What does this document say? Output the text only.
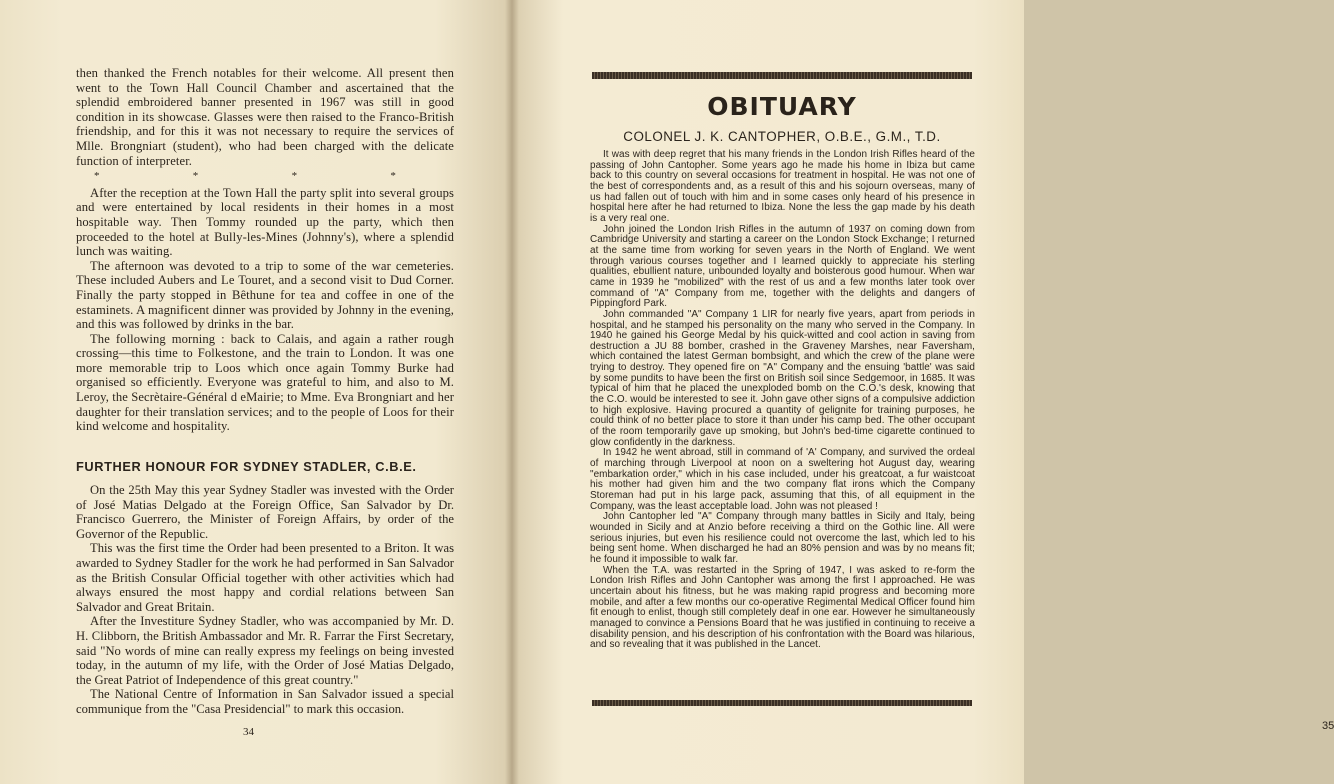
then thanked the French notables for their welcome. All present then went to the Town Hall Council Chamber and ascertained that the splendid embroidered banner presented in 1967 was still in good condition in its showcase. Glasses were then raised to the Franco-British friendship, and for this it was not necessary to require the services of Mlle. Brongniart (student), who had been charged with the delicate function of interpreter.

*	*	*	*

After the reception at the Town Hall the party split into several groups and were entertained by local residents in their homes in a most hospitable way. Then Tommy rounded up the party, which then proceeded to the hotel at Bully-les-Mines (Johnny's), where a splendid lunch was waiting.

The afternoon was devoted to a trip to some of the war cemeteries. These included Aubers and Le Touret, and a second visit to Dud Corner. Finally the party stopped in Bêthune for tea and coffee in one of the estaminets. A magnificent dinner was provided by Johnny in the evening, and this was followed by drinks in the bar.

The following morning : back to Calais, and again a rather rough crossing—this time to Folkestone, and the train to London. It was one more memorable trip to Loos which once again Tommy Burke had organised so efficiently. Everyone was grateful to him, and also to M. Leroy, the Secrètaire-Général d eMairie; to Mme. Eva Brongniart and her daughter for their translation services; and to the people of Loos for their kind welcome and hospitality.

FURTHER HONOUR FOR SYDNEY STADLER, C.B.E.

On the 25th May this year Sydney Stadler was invested with the Order of José Matias Delgado at the Foreign Office, San Salvador by Dr. Francisco Guerrero, the Minister of Foreign Affairs, by order of the Governor of the Republic.

This was the first time the Order had been presented to a Briton. It was awarded to Sydney Stadler for the work he had performed in San Salvador as the British Consular Official together with other activities which had always ensured the most happy and cordial relations between San Salvador and Great Britain.

After the Investiture Sydney Stadler, who was accompanied by Mr. D. H. Clibborn, the British Ambassador and Mr. R. Farrar the First Secretary, said "No words of mine can really express my feelings on being invested today, in the autumn of my life, with the Order of José Matias Delgado, the Great Patriot of Independence of this great country."

The National Centre of Information in San Salvador issued a special communique from the "Casa Presidencial" to mark this occasion.

34
OBITUARY
COLONEL J. K. CANTOPHER, O.B.E., G.M., T.D.

It was with deep regret that his many friends in the London Irish Rifles heard of the passing of John Cantopher. Some years ago he made his home in Ibiza but came back to this country on several occasions for treatment in hospital. He was not one of the best of correspondents and, as a result of this and his sojourn overseas, many of us had fallen out of touch with him and in some cases only heard of his presence in hospital here after he had returned to Ibiza. None the less the gap made by his death is a very real one.

John joined the London Irish Rifles in the autumn of 1937 on coming down from Cambridge University and starting a career on the London Stock Exchange; I returned at the same time from working for seven years in the North of England. We went through various courses together and I learned quickly to appreciate his sterling qualities, ebullient nature, unbounded loyalty and boisterous good humour. When war came in 1939 he "mobilized" with the rest of us and a few months later took over command of "A" Company from me, together with the delights and dangers of Pippingford Park.

John commanded "A" Company 1 LIR for nearly five years, apart from periods in hospital, and he stamped his personality on the many who served in the Company. In 1940 he gained his George Medal by his quick-witted and cool action in saving from destruction a JU 88 bomber, crashed in the Graveney Marshes, near Faversham, which contained the latest German bombsight, and which the crew of the plane were trying to destroy. They opened fire on "A" Company and the ensuing 'battle' was said by some pundits to have been the first on British soil since Sedgemoor, in 1685. It was typical of him that he placed the unexploded bomb on the C.O.'s desk, knowing that the C.O. would be interested to see it. John gave other signs of a compulsive addiction to high explosive. Having procured a quantity of gelignite for training purposes, he could think of no better place to store it than under his camp bed. The other occupant of the room temporarily gave up smoking, but John's bed-time cigarette continued to glow confidently in the darkness.

In 1942 he went abroad, still in command of 'A' Company, and survived the ordeal of marching through Liverpool at noon on a sweltering hot August day, wearing "embarkation order," which in his case included, under his greatcoat, a fur waistcoat his mother had given him and the two company flat irons which the Company Storeman had put in his large pack, assuming that this, of all equipment in the Company, was the least acceptable load. John was not pleased !

John Cantopher led "A" Company through many battles in Sicily and Italy, being wounded in Sicily and at Anzio before receiving a third on the Gothic line. All were serious injuries, but even his resilience could not overcome the last, which led to his being sent home. When discharged he had an 80% pension and was by no means fit; he found it impossible to walk far.

When the T.A. was restarted in the Spring of 1947, I was asked to re-form the London Irish Rifles and John Cantopher was among the first I approached. He was uncertain about his fitness, but he was making rapid progress and becoming more mobile, and after a few months our co-operative Regimental Medical Officer found him fit enough to enlist, though still completely deaf in one ear. However he simultaneously managed to convince a Pensions Board that he was justified in continuing to receive a disability pension, and his description of his confrontation with the Board was hilarious, and so revealing that it was published in the Lancet.

35
